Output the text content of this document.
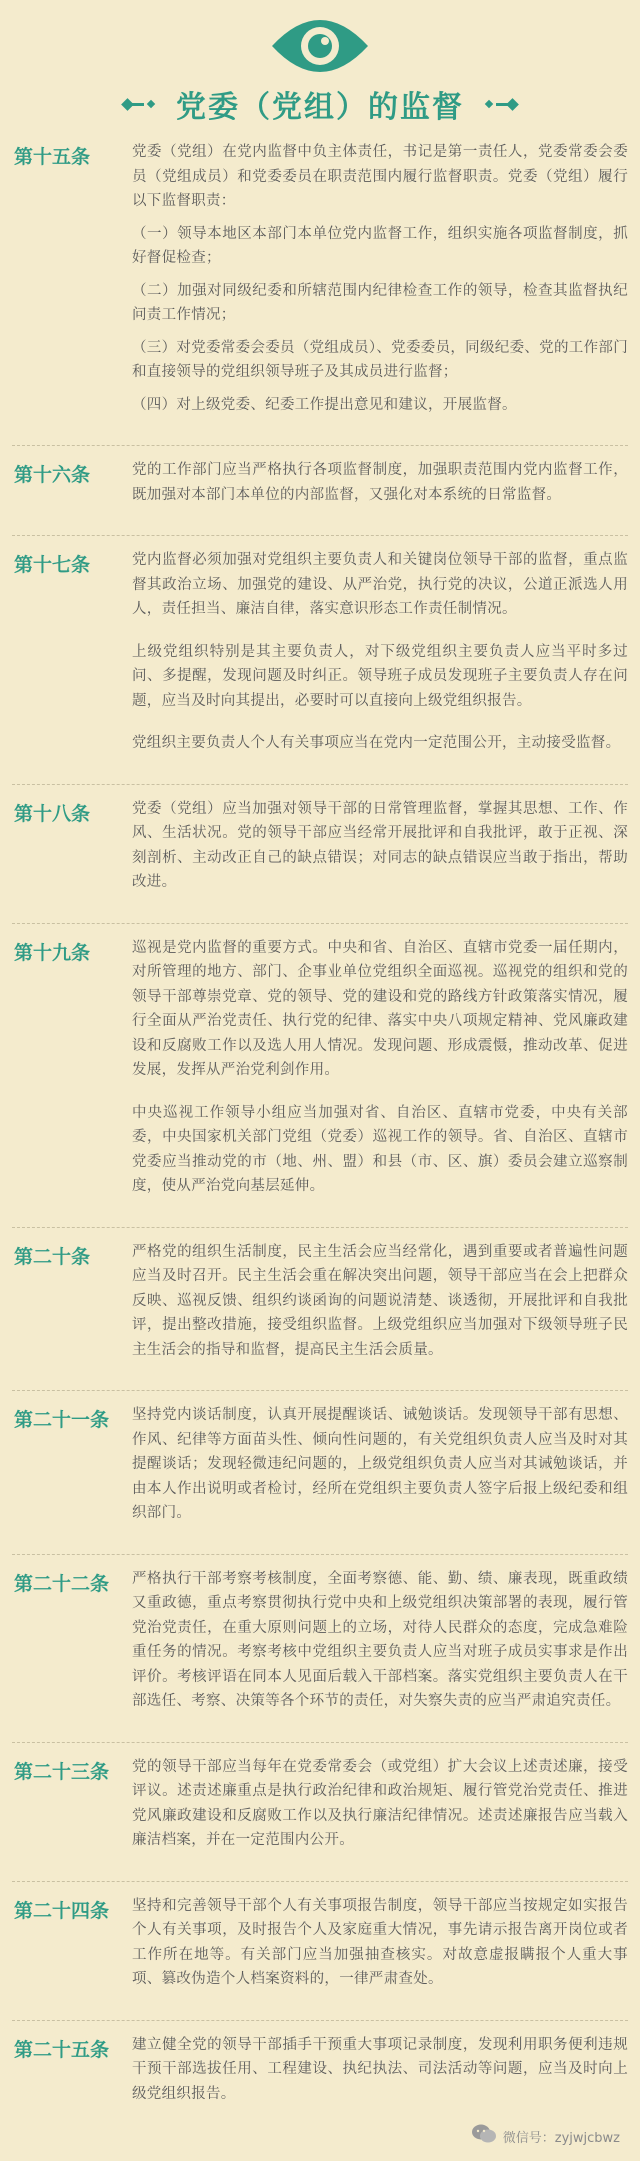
党委（党组）的监督
第十五条	党委（党组）在党内监督中负主体责任，书记是第一责任人，党委常委会委员（党组成员）和党委委员在职责范围内履行监督职责。党委（党组）履行以下监督职责：

（一）领导本地区本部门本单位党内监督工作，组织实施各项监督制度，抓好督促检查；

（二）加强对同级纪委和所辖范围内纪律检查工作的领导，检查其监督执纪问责工作情况；

（三）对党委常委会委员（党组成员）、党委委员，同级纪委、党的工作部门和直接领导的党组织领导班子及其成员进行监督；

（四）对上级党委、纪委工作提出意见和建议，开展监督。

第十六条	党的工作部门应当严格执行各项监督制度，加强职责范围内党内监督工作，既加强对本部门本单位的内部监督，又强化对本系统的日常监督。

第十七条	党内监督必须加强对党组织主要负责人和关键岗位领导干部的监督，重点监督其政治立场、加强党的建设、从严治党，执行党的决议，公道正派选人用人，责任担当、廉洁自律，落实意识形态工作责任制情况。

上级党组织特别是其主要负责人，对下级党组织主要负责人应当平时多过问、多提醒，发现问题及时纠正。领导班子成员发现班子主要负责人存在问题，应当及时向其提出，必要时可以直接向上级党组织报告。

党组织主要负责人个人有关事项应当在党内一定范围公开，主动接受监督。

第十八条	党委（党组）应当加强对领导干部的日常管理监督，掌握其思想、工作、作风、生活状况。党的领导干部应当经常开展批评和自我批评，敢于正视、深刻剖析、主动改正自己的缺点错误；对同志的缺点错误应当敢于指出，帮助改进。

第十九条	巡视是党内监督的重要方式。中央和省、自治区、直辖市党委一届任期内，对所管理的地方、部门、企事业单位党组织全面巡视。巡视党的组织和党的领导干部尊崇党章、党的领导、党的建设和党的路线方针政策落实情况，履行全面从严治党责任、执行党的纪律、落实中央八项规定精神、党风廉政建设和反腐败工作以及选人用人情况。发现问题、形成震慑，推动改革、促进发展，发挥从严治党利剑作用。

中央巡视工作领导小组应当加强对省、自治区、直辖市党委，中央有关部委，中央国家机关部门党组（党委）巡视工作的领导。省、自治区、直辖市党委应当推动党的市（地、州、盟）和县（市、区、旗）委员会建立巡察制度，使从严治党向基层延伸。

第二十条	严格党的组织生活制度，民主生活会应当经常化，遇到重要或者普遍性问题应当及时召开。民主生活会重在解决突出问题，领导干部应当在会上把群众反映、巡视反馈、组织约谈函询的问题说清楚、谈透彻，开展批评和自我批评，提出整改措施，接受组织监督。上级党组织应当加强对下级领导班子民主生活会的指导和监督，提高民主生活会质量。

第二十一条	坚持党内谈话制度，认真开展提醒谈话、诫勉谈话。发现领导干部有思想、作风、纪律等方面苗头性、倾向性问题的，有关党组织负责人应当及时对其提醒谈话；发现轻微违纪问题的，上级党组织负责人应当对其诫勉谈话，并由本人作出说明或者检讨，经所在党组织主要负责人签字后报上级纪委和组织部门。

第二十二条	严格执行干部考察考核制度，全面考察德、能、勤、绩、廉表现，既重政绩又重政德，重点考察贯彻执行党中央和上级党组织决策部署的表现，履行管党治党责任，在重大原则问题上的立场，对待人民群众的态度，完成急难险重任务的情况。考察考核中党组织主要负责人应当对班子成员实事求是作出评价。考核评语在同本人见面后载入干部档案。落实党组织主要负责人在干部选任、考察、决策等各个环节的责任，对失察失责的应当严肃追究责任。

第二十三条	党的领导干部应当每年在党委常委会（或党组）扩大会议上述责述廉，接受评议。述责述廉重点是执行政治纪律和政治规矩、履行管党治党责任、推进党风廉政建设和反腐败工作以及执行廉洁纪律情况。述责述廉报告应当载入廉洁档案，并在一定范围内公开。

第二十四条	坚持和完善领导干部个人有关事项报告制度，领导干部应当按规定如实报告个人有关事项，及时报告个人及家庭重大情况，事先请示报告离开岗位或者工作所在地等。有关部门应当加强抽查核实。对故意虚报瞒报个人重大事项、篡改伪造个人档案资料的，一律严肃查处。

第二十五条	建立健全党的领导干部插手干预重大事项记录制度，发现利用职务便利违规干预干部选拔任用、工程建设、执纪执法、司法活动等问题，应当及时向上级党组织报告。

微信号：zyjwjcbwz
